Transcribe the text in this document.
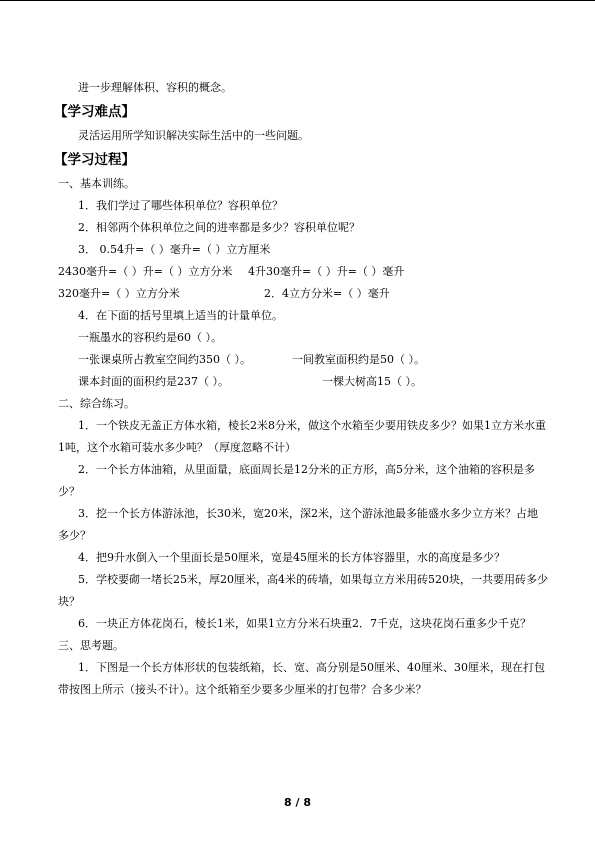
进一步理解体积、容积的概念。
【学习难点】
灵活运用所学知识解决实际生活中的一些问题。
【学习过程】
一、基本训练。
1．我们学过了哪些体积单位？容积单位？
2．相邻两个体积单位之间的进率都是多少？容积单位呢？
3． 0.54升=（ ）毫升=（ ）立方厘米
2430毫升=（ ）升=（ ）立方分米 4升30毫升=（ ）升=（ ）毫升
320毫升=（ ）立方分米	2．4立方分米=（ ）毫升
4．在下面的括号里填上适当的计量单位。
一瓶墨水的容积约是60（ ）。
一张课桌所占教室空间约350（ ）。	一间教室面积约是50（ ）。
课本封面的面积约是237（ ）。	一棵大树高15（ ）。
二、综合练习。
1．一个铁皮无盖正方体水箱，棱长2米8分米，做这个水箱至少要用铁皮多少？如果1立方米水重1吨，这个水箱可装水多少吨？（厚度忽略不计）
2．一个长方体油箱，从里面量，底面周长是12分米的正方形，高5分米，这个油箱的容积是多少？
3．挖一个长方体游泳池，长30米，宽20米，深2米，这个游泳池最多能盛水多少立方米？占地多少？
4．把9升水倒入一个里面长是50厘米，宽是45厘米的长方体容器里，水的高度是多少？
5．学校要砌一堵长25米，厚20厘米，高4米的砖墙，如果每立方米用砖520块，一共要用砖多少块？
6．一块正方体花岗石，棱长1米，如果1立方分米石块重2．7千克，这块花岗石重多少千克？
三、思考题。
1．下图是一个长方体形状的包装纸箱，长、宽、高分别是50厘米、40厘米、30厘米，现在打包带按图上所示（接头不计）。这个纸箱至少要多少厘米的打包带？合多少米？
8 / 8
